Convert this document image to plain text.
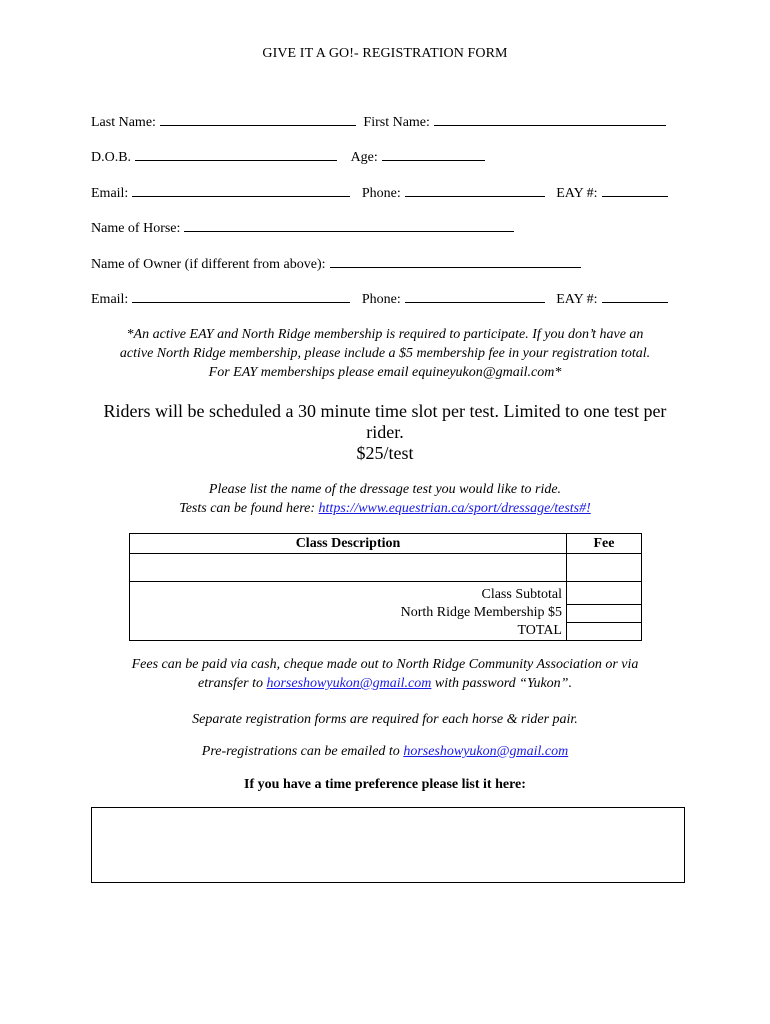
GIVE IT A GO!- REGISTRATION FORM
Last Name:	First Name:
D.O.B.	Age:
Email:	Phone:	EAY #:
Name of Horse:
Name of Owner (if different from above):
Email:	Phone:	EAY #:
*An active EAY and North Ridge membership is required to participate. If you don’t have an
active North Ridge membership, please include a $5 membership fee in your registration total.
For EAY memberships please email equineyukon@gmail.com*
Riders will be scheduled a 30 minute time slot per test. Limited to one test per
rider.
$25/test
Please list the name of the dressage test you would like to ride.
Tests can be found here: https://www.equestrian.ca/sport/dressage/tests#!
Class Description	Fee

Class Subtotal	
North Ridge Membership $5	
TOTAL	
Fees can be paid via cash, cheque made out to North Ridge Community Association or via
etransfer to horseshowyukon@gmail.com with password “Yukon”.
Separate registration forms are required for each horse & rider pair.
Pre-registrations can be emailed to horseshowyukon@gmail.com
If you have a time preference please list it here:
